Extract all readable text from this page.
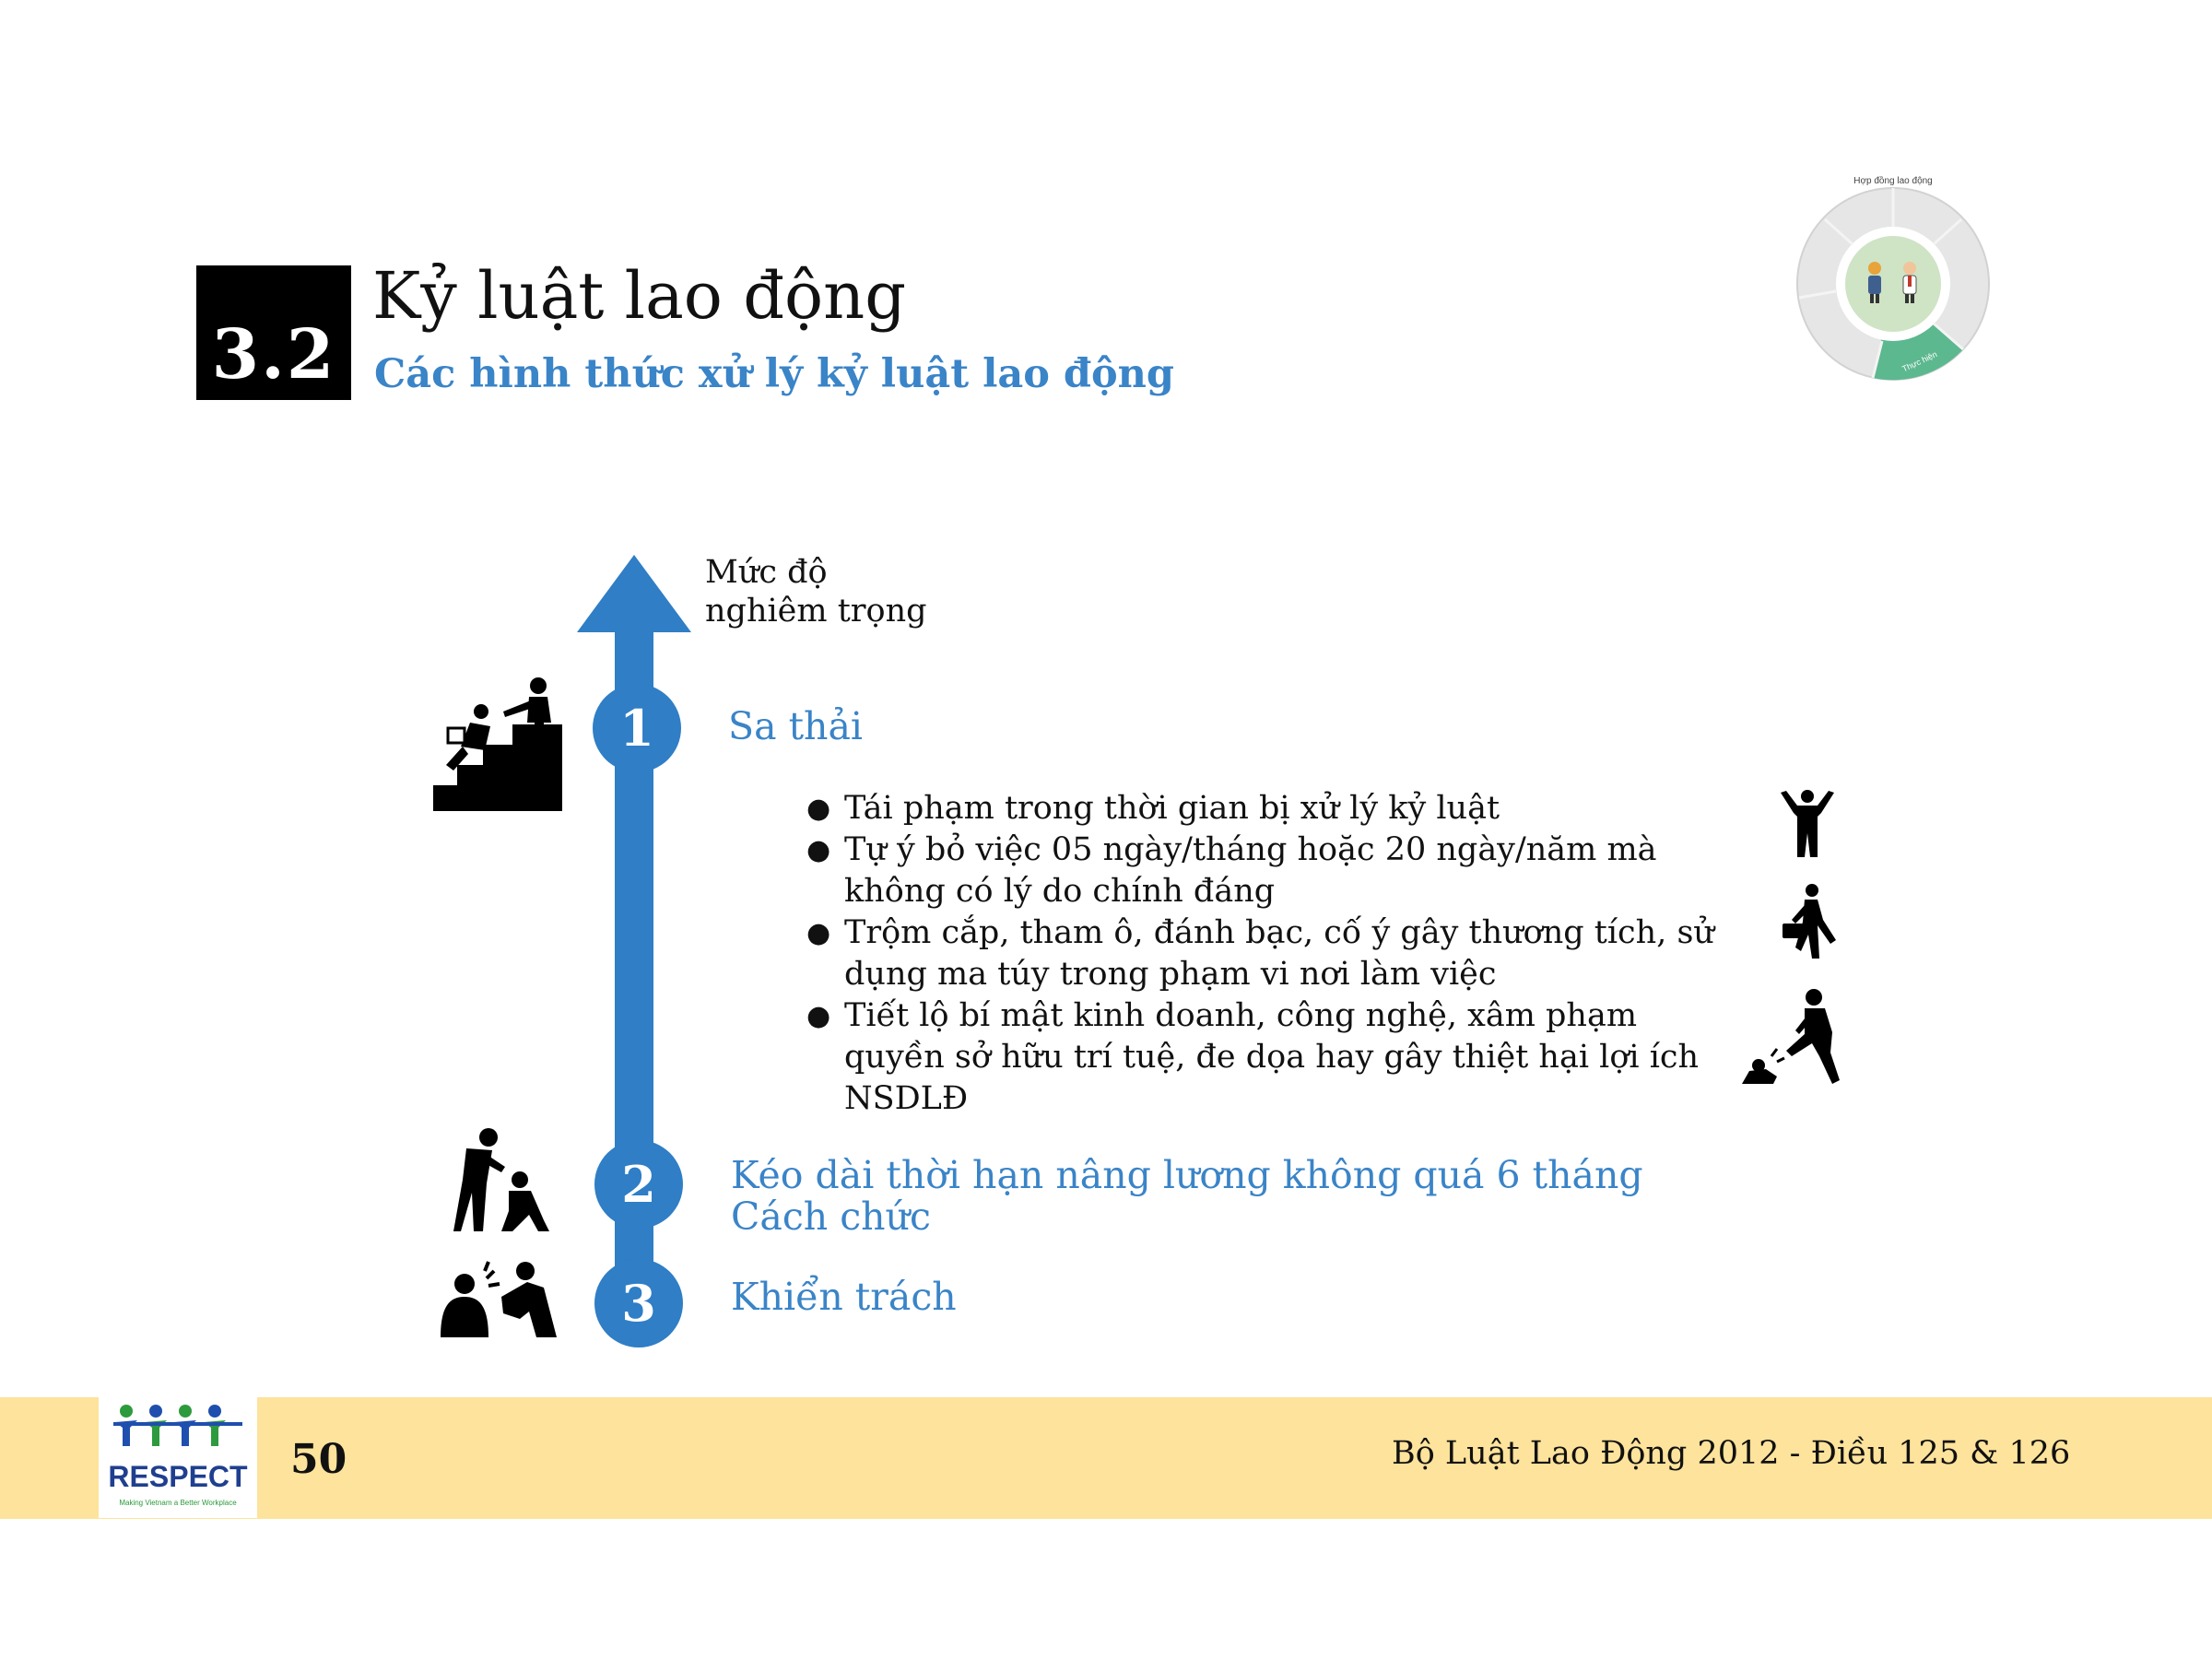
3.2
Kỷ luật lao động
Các hình thức xử lý kỷ luật lao động
Hợp đồng lao động
Thực hiện
Mức độ
nghiêm trọng
1
2
3
Sa thải
Kéo dài thời hạn nâng lương không quá 6 tháng
Cách chức
Khiển trách
● Tái phạm trong thời gian bị xử lý kỷ luật
● Tự ý bỏ việc 05 ngày/tháng hoặc 20 ngày/năm mà không có lý do chính đáng
● Trộm cắp, tham ô, đánh bạc, cố ý gây thương tích, sử dụng ma túy trong phạm vi nơi làm việc
● Tiết lộ bí mật kinh doanh, công nghệ, xâm phạm quyền sở hữu trí tuệ, đe dọa hay gây thiệt hại lợi ích NSDLĐ
RESPECT
Making Vietnam a Better Workplace
50	Bộ Luật Lao Động 2012 - Điều 125 & 126
